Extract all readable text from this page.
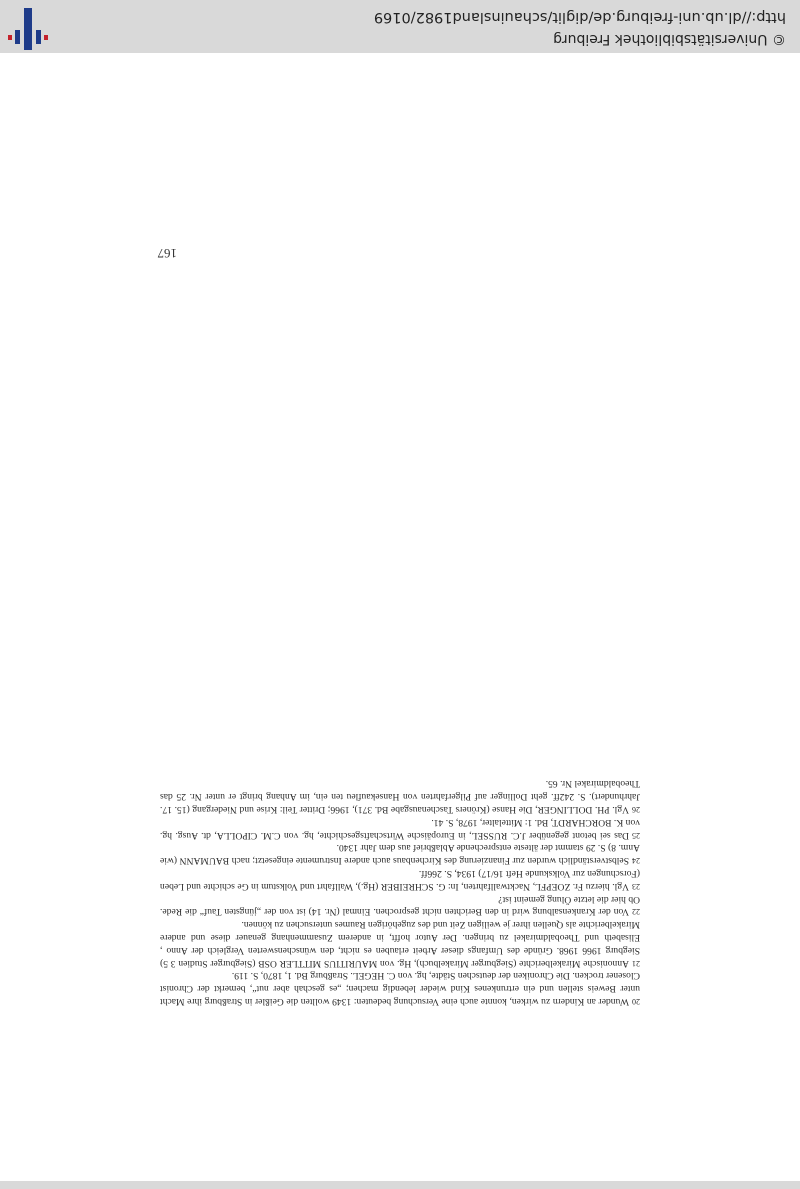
20

Wunder an Kindern zu wirken, konnte auch eine Versuchung bedeuten: 1349 wollten die Geißler in Straßburg ihre Macht unter Beweis stellen und ein ertrunkenes Kind wieder lebendig machen; „es geschah aber nut“, bemerkt der Chronist Closener trocken. Die Chroniken der deutschen Städte, hg. von C. HEGEL. Straßburg Bd. 1, 1870, S. 119.

21

Annonische Mirakelberichte (Siegburger Mirakelbuch), Hg. von MAURITIUS MITTLER OSB (Siegburger Studien 3 5) Siegburg 1966 1968. Gründe des Umfangs dieser Arbeit erlauben es nicht, den wünschenswerten Vergleich der Anno , Elisabeth und Theobaldmirakel zu bringen. Der Autor hofft, in anderem Zusammenhang genauer diese und andere Mirakelberichte als Quellen ihrer je weiligen Zeit und des zugehörigen Raumes untersuchen zu können.

22

Von der Krankensalbung wird in den Berichten nicht gesprochen. Einmal (Nr. 14) ist von der „jüngsten Tauf“ die Rede. Ob hier die letzte Ölung gemeint ist?

23

Vgl. hierzu Fr. ZOEPFL, Nacktwallfahrten, In: G. SCHREIBER (Hg.), Wallfahrt und Volkstum in Ge schichte und Leben (Forschungen zur Volkskunde Heft 16/17) 1934, S. 266ff.

24

Selbstverständlich wurden zur Finanzierung des Kirchenbaus auch andere Instrumente eingesetzt; nach BAUMANN (wie Anm. 8) S. 29 stammt der älteste entsprechende Ablaßbrief aus dem Jahr 1340.

25

Das sei betont gegenüber J.C. RUSSEL, in Europäische Wirtschaftsgeschichte, hg. von C.M. CIPOLLA, dt. Ausg. hg. von K. BORCHARDT, Bd. 1: Mittelalter, 1978, S. 41.

26

Vgl. PH. DOLLINGER, Die Hanse (Kröners Taschenausgabe Bd. 371), 1966; Dritter Teil: Krise und Niedergang (15. 17. Jahrhundert). S. 242ff. geht Dollinger auf Pilgerfahrten von Hansekaufleu ten ein, im Anhang bringt er unter Nr. 25 das Theobaldmirakel Nr. 65.

167
© Universitätsbibliothek Freiburg
http://dl.ub.uni-freiburg.de/diglit/schauinsland1982/0169
